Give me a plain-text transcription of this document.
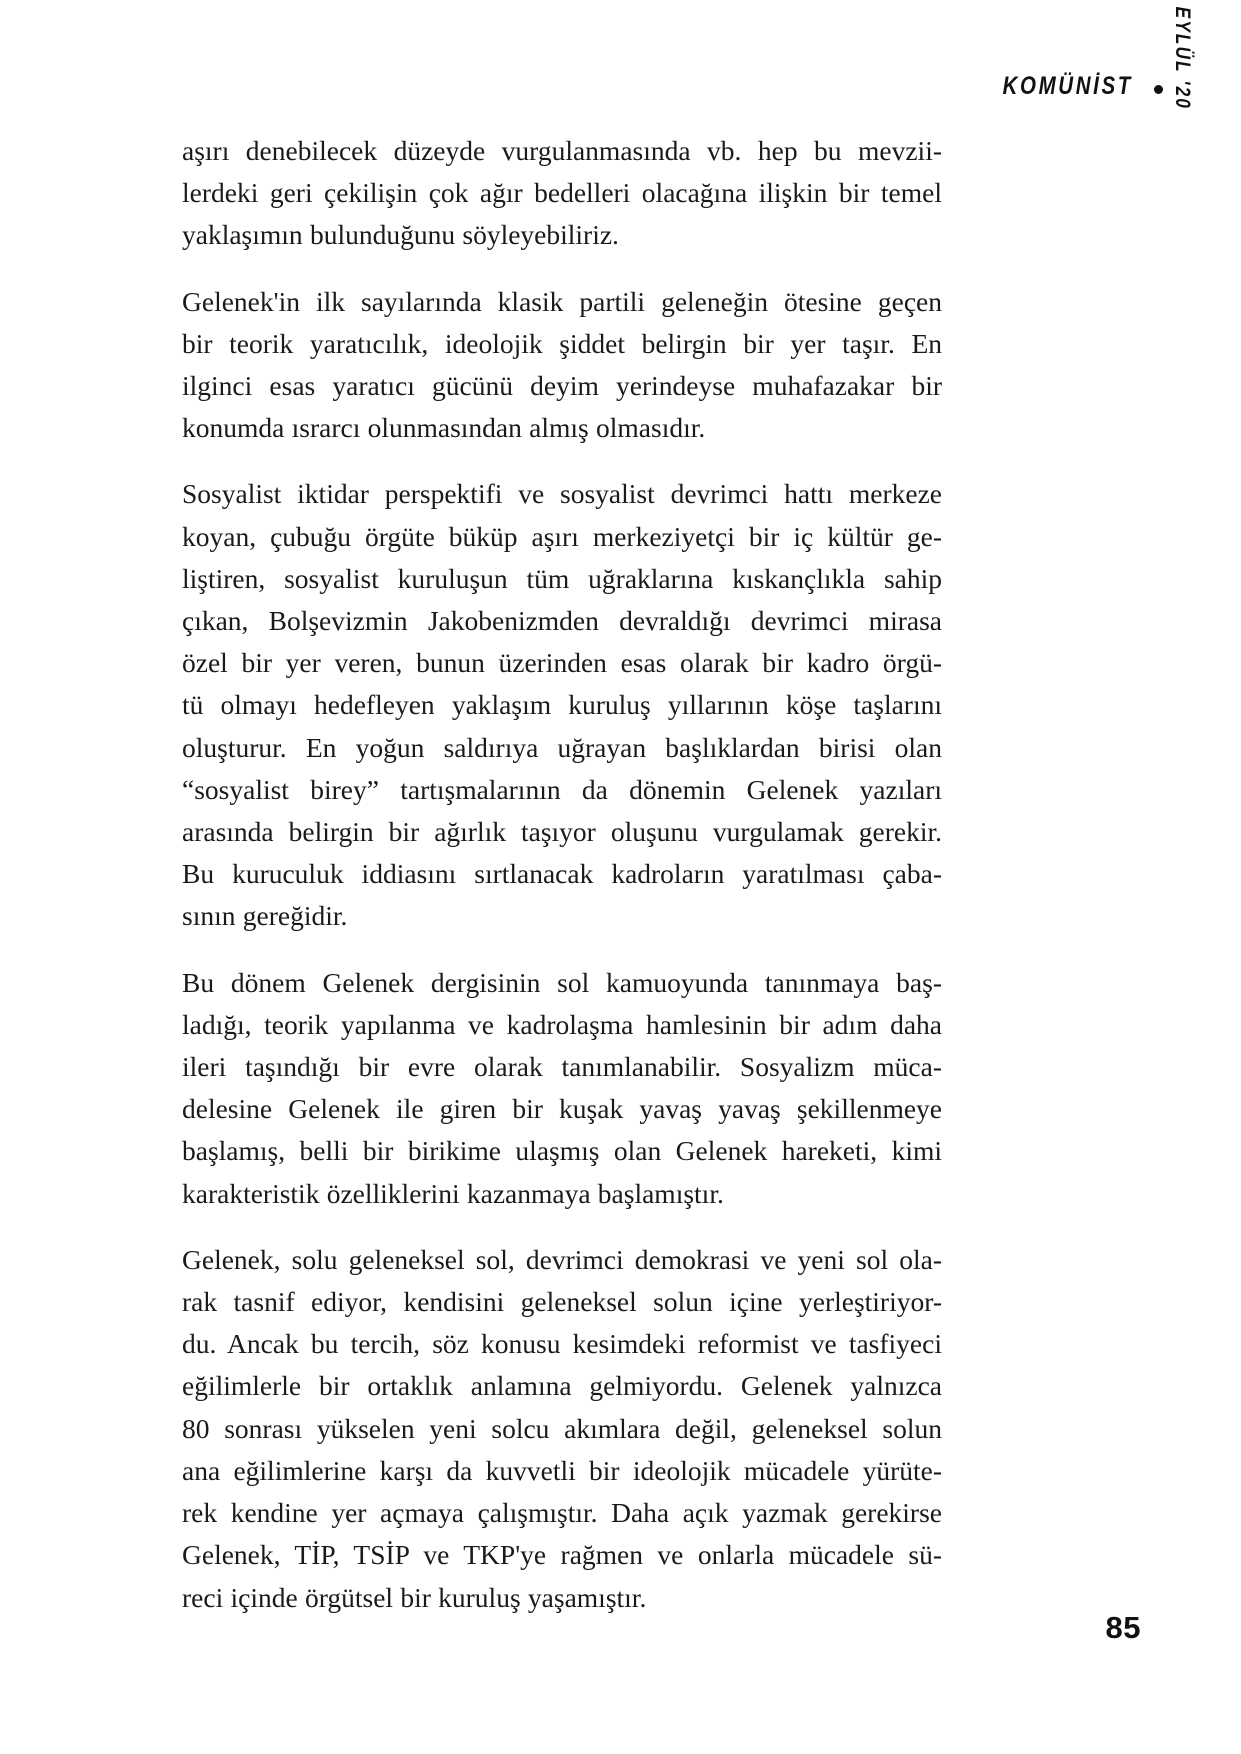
KOMÜNİST EYLÜL '20

aşırı denebilecek düzeyde vurgulanmasında vb. hep bu mevzii-
lerdeki geri çekilişin çok ağır bedelleri olacağına ilişkin bir temel
yaklaşımın bulunduğunu söyleyebiliriz.

Gelenek'in ilk sayılarında klasik partili geleneğin ötesine geçen
bir teorik yaratıcılık, ideolojik şiddet belirgin bir yer taşır. En
ilginci esas yaratıcı gücünü deyim yerindeyse muhafazakar bir
konumda ısrarcı olunmasından almış olmasıdır.

Sosyalist iktidar perspektifi ve sosyalist devrimci hattı merkeze
koyan, çubuğu örgüte büküp aşırı merkeziyetçi bir iç kültür ge-
liştiren, sosyalist kuruluşun tüm uğraklarına kıskançlıkla sahip
çıkan, Bolşevizmin Jakobenizmden devraldığı devrimci mirasa
özel bir yer veren, bunun üzerinden esas olarak bir kadro örgü-
tü olmayı hedefleyen yaklaşım kuruluş yıllarının köşe taşlarını
oluşturur. En yoğun saldırıya uğrayan başlıklardan birisi olan
“sosyalist birey” tartışmalarının da dönemin Gelenek yazıları
arasında belirgin bir ağırlık taşıyor oluşunu vurgulamak gerekir.
Bu kuruculuk iddiasını sırtlanacak kadroların yaratılması çaba-
sının gereğidir.

Bu dönem Gelenek dergisinin sol kamuoyunda tanınmaya baş-
ladığı, teorik yapılanma ve kadrolaşma hamlesinin bir adım daha
ileri taşındığı bir evre olarak tanımlanabilir. Sosyalizm müca-
delesine Gelenek ile giren bir kuşak yavaş yavaş şekillenmeye
başlamış, belli bir birikime ulaşmış olan Gelenek hareketi, kimi
karakteristik özelliklerini kazanmaya başlamıştır.

Gelenek, solu geleneksel sol, devrimci demokrasi ve yeni sol ola-
rak tasnif ediyor, kendisini geleneksel solun içine yerleştiriyor-
du. Ancak bu tercih, söz konusu kesimdeki reformist ve tasfiyeci
eğilimlerle bir ortaklık anlamına gelmiyordu. Gelenek yalnızca
80 sonrası yükselen yeni solcu akımlara değil, geleneksel solun
ana eğilimlerine karşı da kuvvetli bir ideolojik mücadele yürüte-
rek kendine yer açmaya çalışmıştır. Daha açık yazmak gerekirse
Gelenek, TİP, TSİP ve TKP'ye rağmen ve onlarla mücadele sü-
reci içinde örgütsel bir kuruluş yaşamıştır.

85
